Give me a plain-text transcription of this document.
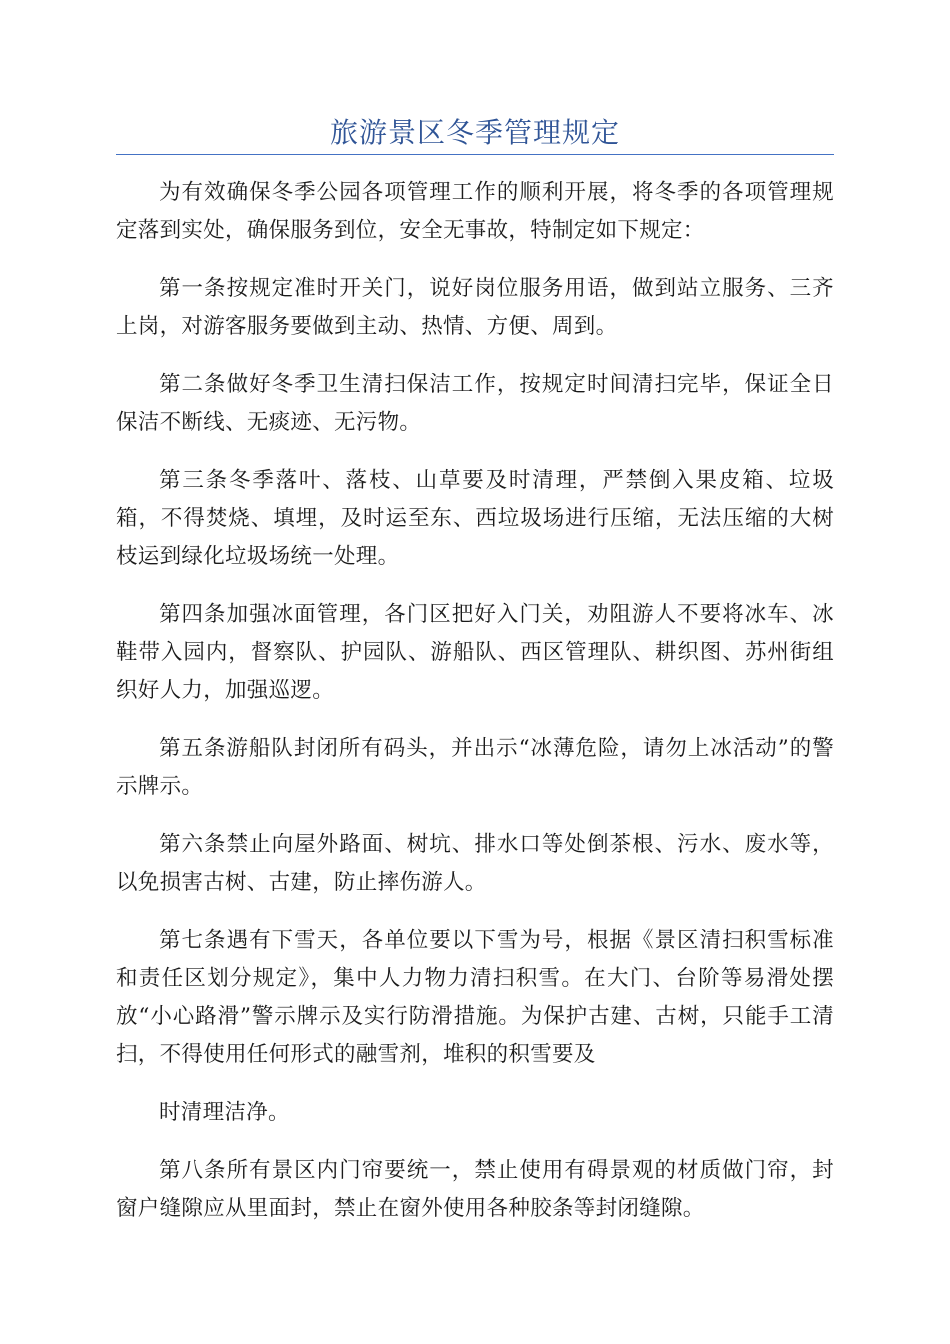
旅游景区冬季管理规定

为有效确保冬季公园各项管理工作的顺利开展，将冬季的各项管理规定落到实处，确保服务到位，安全无事故，特制定如下规定：

第一条按规定准时开关门，说好岗位服务用语，做到站立服务、三齐上岗，对游客服务要做到主动、热情、方便、周到。

第二条做好冬季卫生清扫保洁工作，按规定时间清扫完毕，保证全日保洁不断线、无痰迹、无污物。

第三条冬季落叶、落枝、山草要及时清理，严禁倒入果皮箱、垃圾箱，不得焚烧、填埋，及时运至东、西垃圾场进行压缩，无法压缩的大树枝运到绿化垃圾场统一处理。

第四条加强冰面管理，各门区把好入门关，劝阻游人不要将冰车、冰鞋带入园内，督察队、护园队、游船队、西区管理队、耕织图、苏州街组织好人力，加强巡逻。

第五条游船队封闭所有码头，并出示“冰薄危险，请勿上冰活动”的警示牌示。

第六条禁止向屋外路面、树坑、排水口等处倒茶根、污水、废水等，以免损害古树、古建，防止摔伤游人。

第七条遇有下雪天，各单位要以下雪为号，根据《景区清扫积雪标准和责任区划分规定》，集中人力物力清扫积雪。在大门、台阶等易滑处摆放“小心路滑”警示牌示及实行防滑措施。为保护古建、古树，只能手工清扫，不得使用任何形式的融雪剂，堆积的积雪要及

时清理洁净。

第八条所有景区内门帘要统一，禁止使用有碍景观的材质做门帘，封窗户缝隙应从里面封，禁止在窗外使用各种胶条等封闭缝隙。
